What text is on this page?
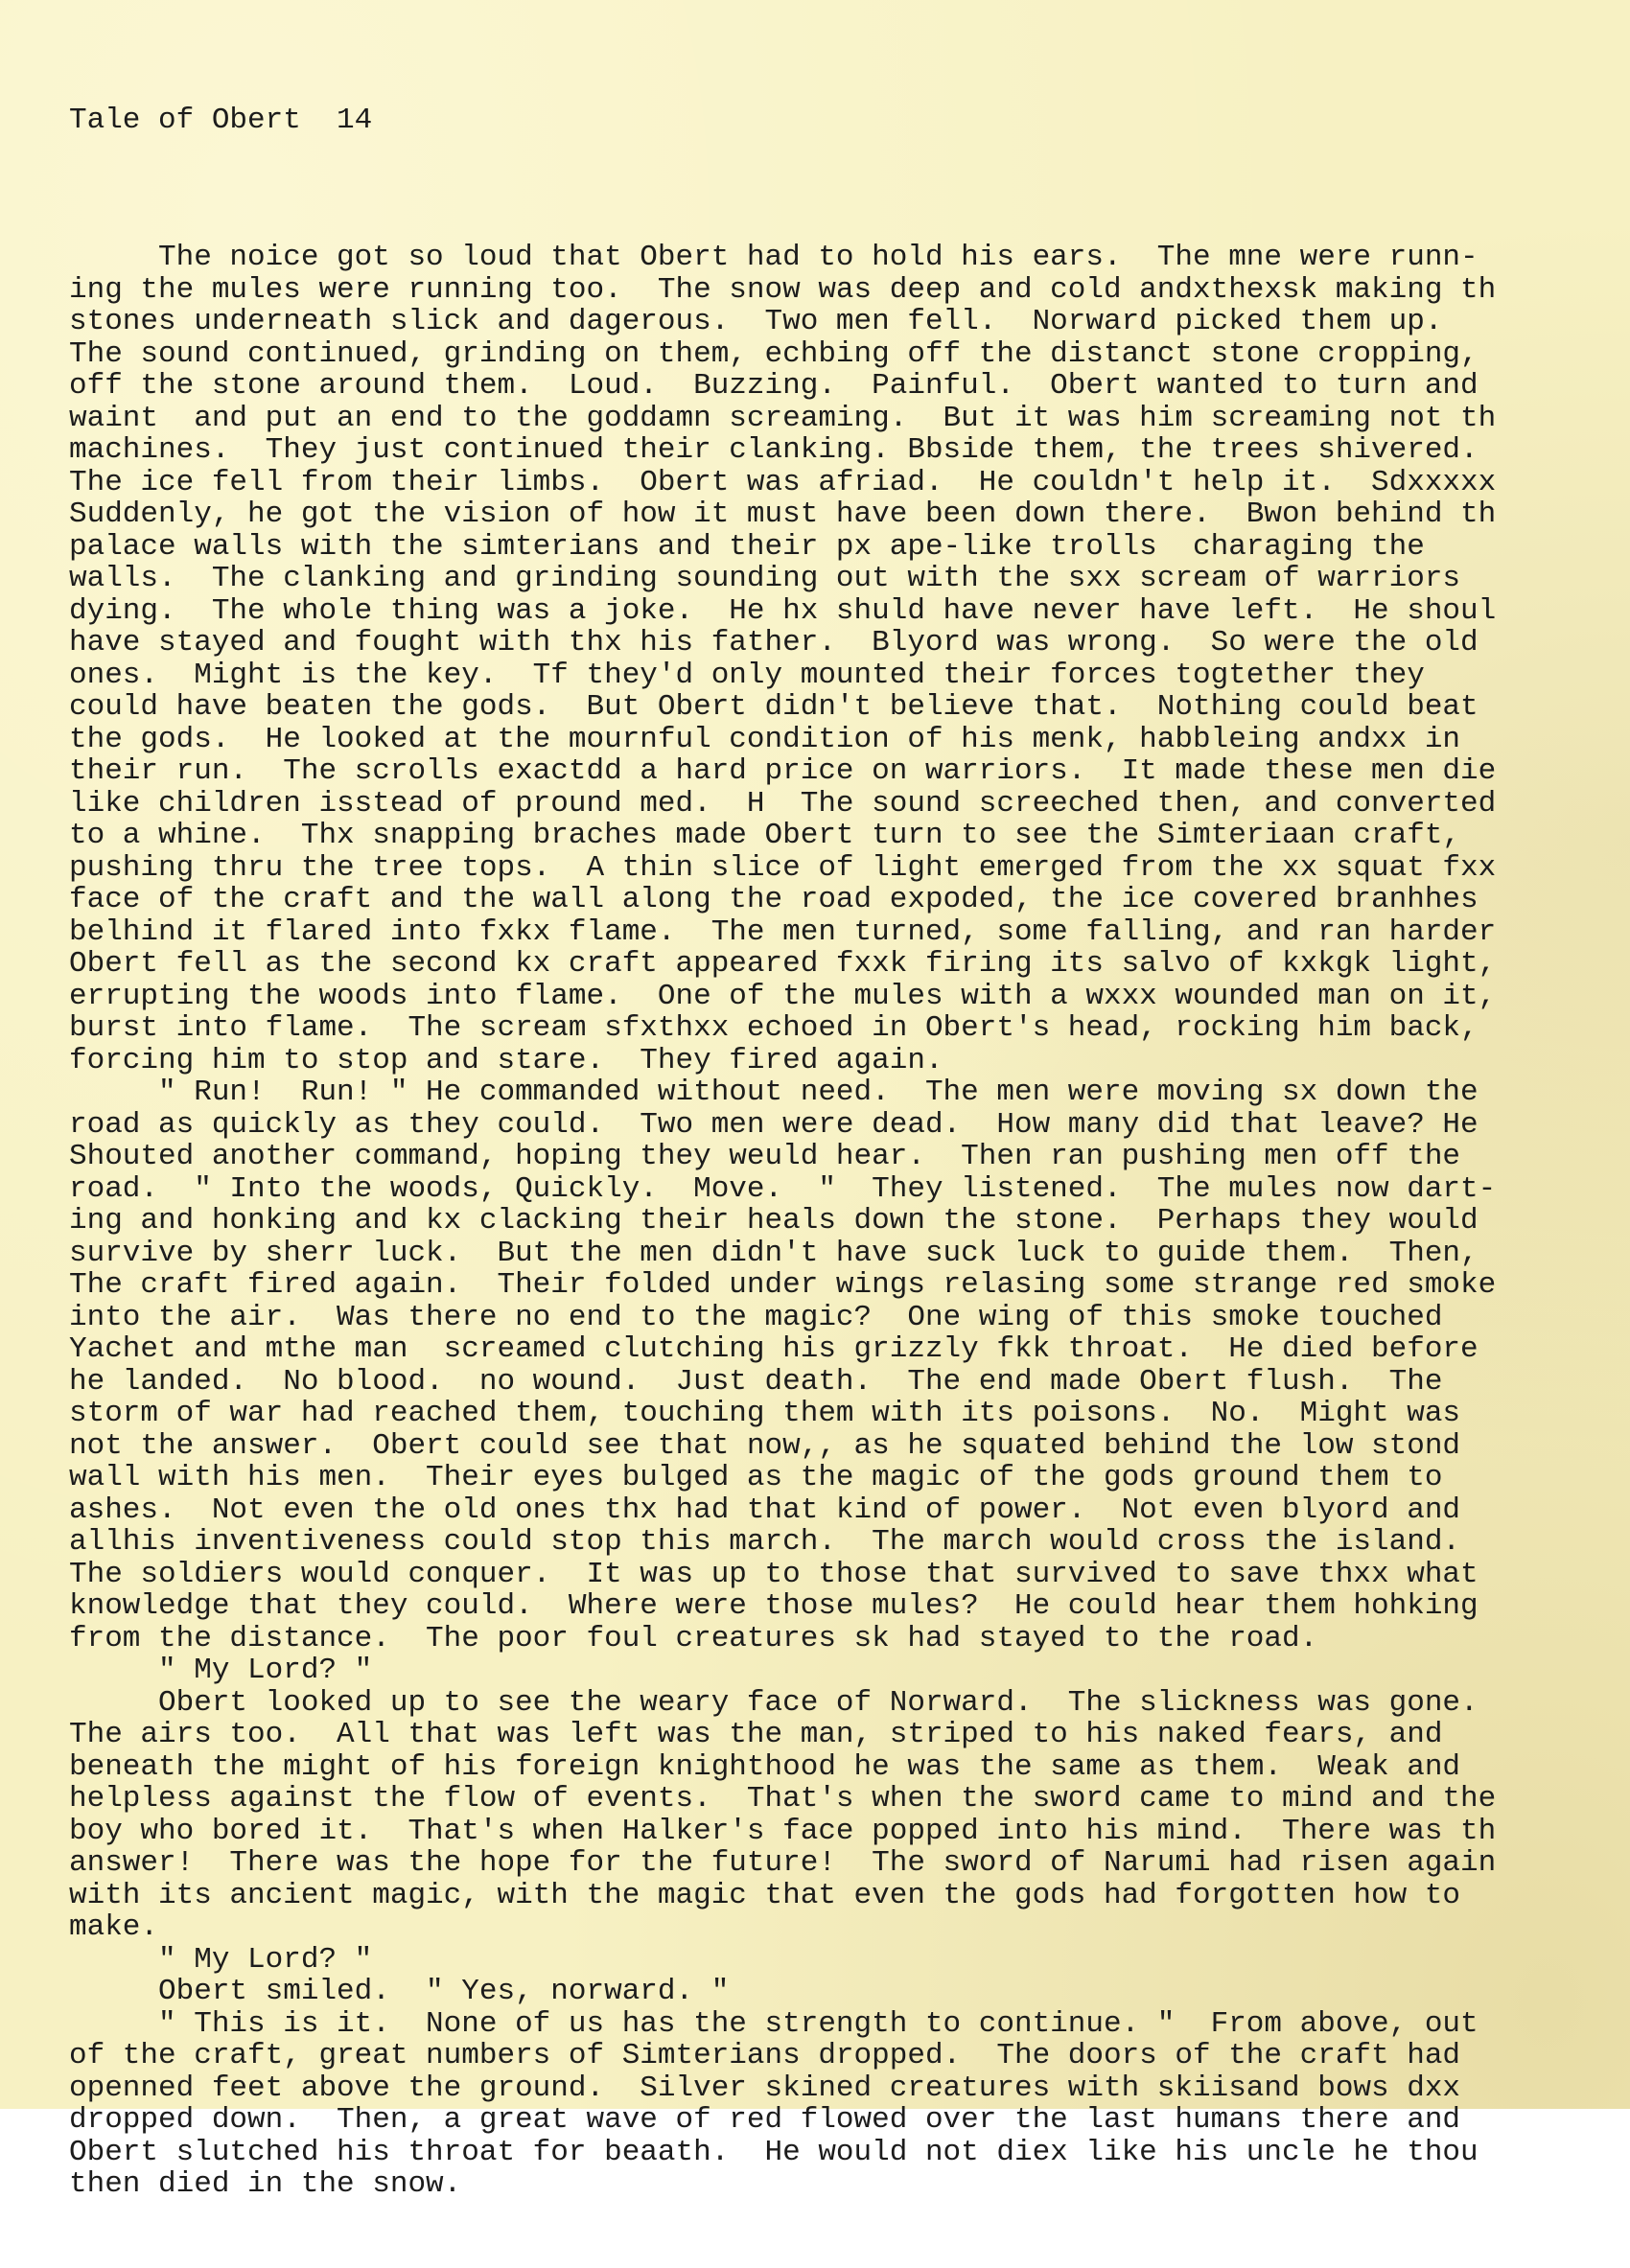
Tale of Obert  14

The noice got so loud that Obert had to hold his ears.  The mne were runn-
ing the mules were running too.  The snow was deep and cold andxthexsk making th
stones underneath slick and dagerous.  Two men fell.  Norward picked them up.
The sound continued, grinding on them, echbing off the distanct stone cropping,
off the stone around them.  Loud.  Buzzing.  Painful.  Obert wanted to turn and
waint  and put an end to the goddamn screaming.  But it was him screaming not th
machines.  They just continued their clanking. Bbside them, the trees shivered.
The ice fell from their limbs.  Obert was afriad.  He couldn't help it.  Sdxxxxx
Suddenly, he got the vision of how it must have been down there.  Bwon behind th
palace walls with the simterians and their px ape-like trolls  charaging the
walls.  The clanking and grinding sounding out with the sxx scream of warriors
dying.  The whole thing was a joke.  He hx shuld have never have left.  He shoul
have stayed and fought with thx his father.  Blyord was wrong.  So were the old
ones.  Might is the key.  Tf they'd only mounted their forces togtether they
could have beaten the gods.  But Obert didn't believe that.  Nothing could beat
the gods.  He looked at the mournful condition of his menk, habbleing andxx in
their run.  The scrolls exactdd a hard price on warriors.  It made these men die
like children isstead of pround med.  H  The sound screeched then, and converted
to a whine.  Thx snapping braches made Obert turn to see the Simteriaan craft,
pushing thru the tree tops.  A thin slice of light emerged from the xx squat fxx
face of the craft and the wall along the road expoded, the ice covered branhhes
belhind it flared into fxkx flame.  The men turned, some falling, and ran harder
Obert fell as the second kx craft appeared fxxk firing its salvo of kxkgk light,
errupting the woods into flame.  One of the mules with a wxxx wounded man on it,
burst into flame.  The scream sfxthxx echoed in Obert's head, rocking him back,
forcing him to stop and stare.  They fired again.
" Run!  Run! " He commanded without need.  The men were moving sx down the
road as quickly as they could.  Two men were dead.  How many did that leave? He
Shouted another command, hoping they weuld hear.  Then ran pushing men off the
road.  " Into the woods, Quickly.  Move.  "  They listened.  The mules now dart-
ing and honking and kx clacking their heals down the stone.  Perhaps they would
survive by sherr luck.  But the men didn't have suck luck to guide them.  Then,
The craft fired again.  Their folded under wings relasing some strange red smoke
into the air.  Was there no end to the magic?  One wing of this smoke touched
Yachet and mthe man  screamed clutching his grizzly fkk throat.  He died before
he landed.  No blood.  no wound.  Just death.  The end made Obert flush.  The
storm of war had reached them, touching them with its poisons.  No.  Might was
not the answer.  Obert could see that now,, as he squated behind the low stond
wall with his men.  Their eyes bulged as the magic of the gods ground them to
ashes.  Not even the old ones thx had that kind of power.  Not even blyord and
allhis inventiveness could stop this march.  The march would cross the island.
The soldiers would conquer.  It was up to those that survived to save thxx what
knowledge that they could.  Where were those mules?  He could hear them hohking
from the distance.  The poor foul creatures sk had stayed to the road.
" My Lord? "
Obert looked up to see the weary face of Norward.  The slickness was gone.
The airs too.  All that was left was the man, striped to his naked fears, and
beneath the might of his foreign knighthood he was the same as them.  Weak and
helpless against the flow of events.  That's when the sword came to mind and the
boy who bored it.  That's when Halker's face popped into his mind.  There was th
answer!  There was the hope for the future!  The sword of Narumi had risen again
with its ancient magic, with the magic that even the gods had forgotten how to
make.
" My Lord? "
Obert smiled.  " Yes, norward. "
" This is it.  None of us has the strength to continue. "  From above, out
of the craft, great numbers of Simterians dropped.  The doors of the craft had
openned feet above the ground.  Silver skined creatures with skiisand bows dxx
dropped down.  Then, a great wave of red flowed over the last humans there and
Obert slutched his throat for beaath.  He would not diex like his uncle he thou
then died in the snow.
